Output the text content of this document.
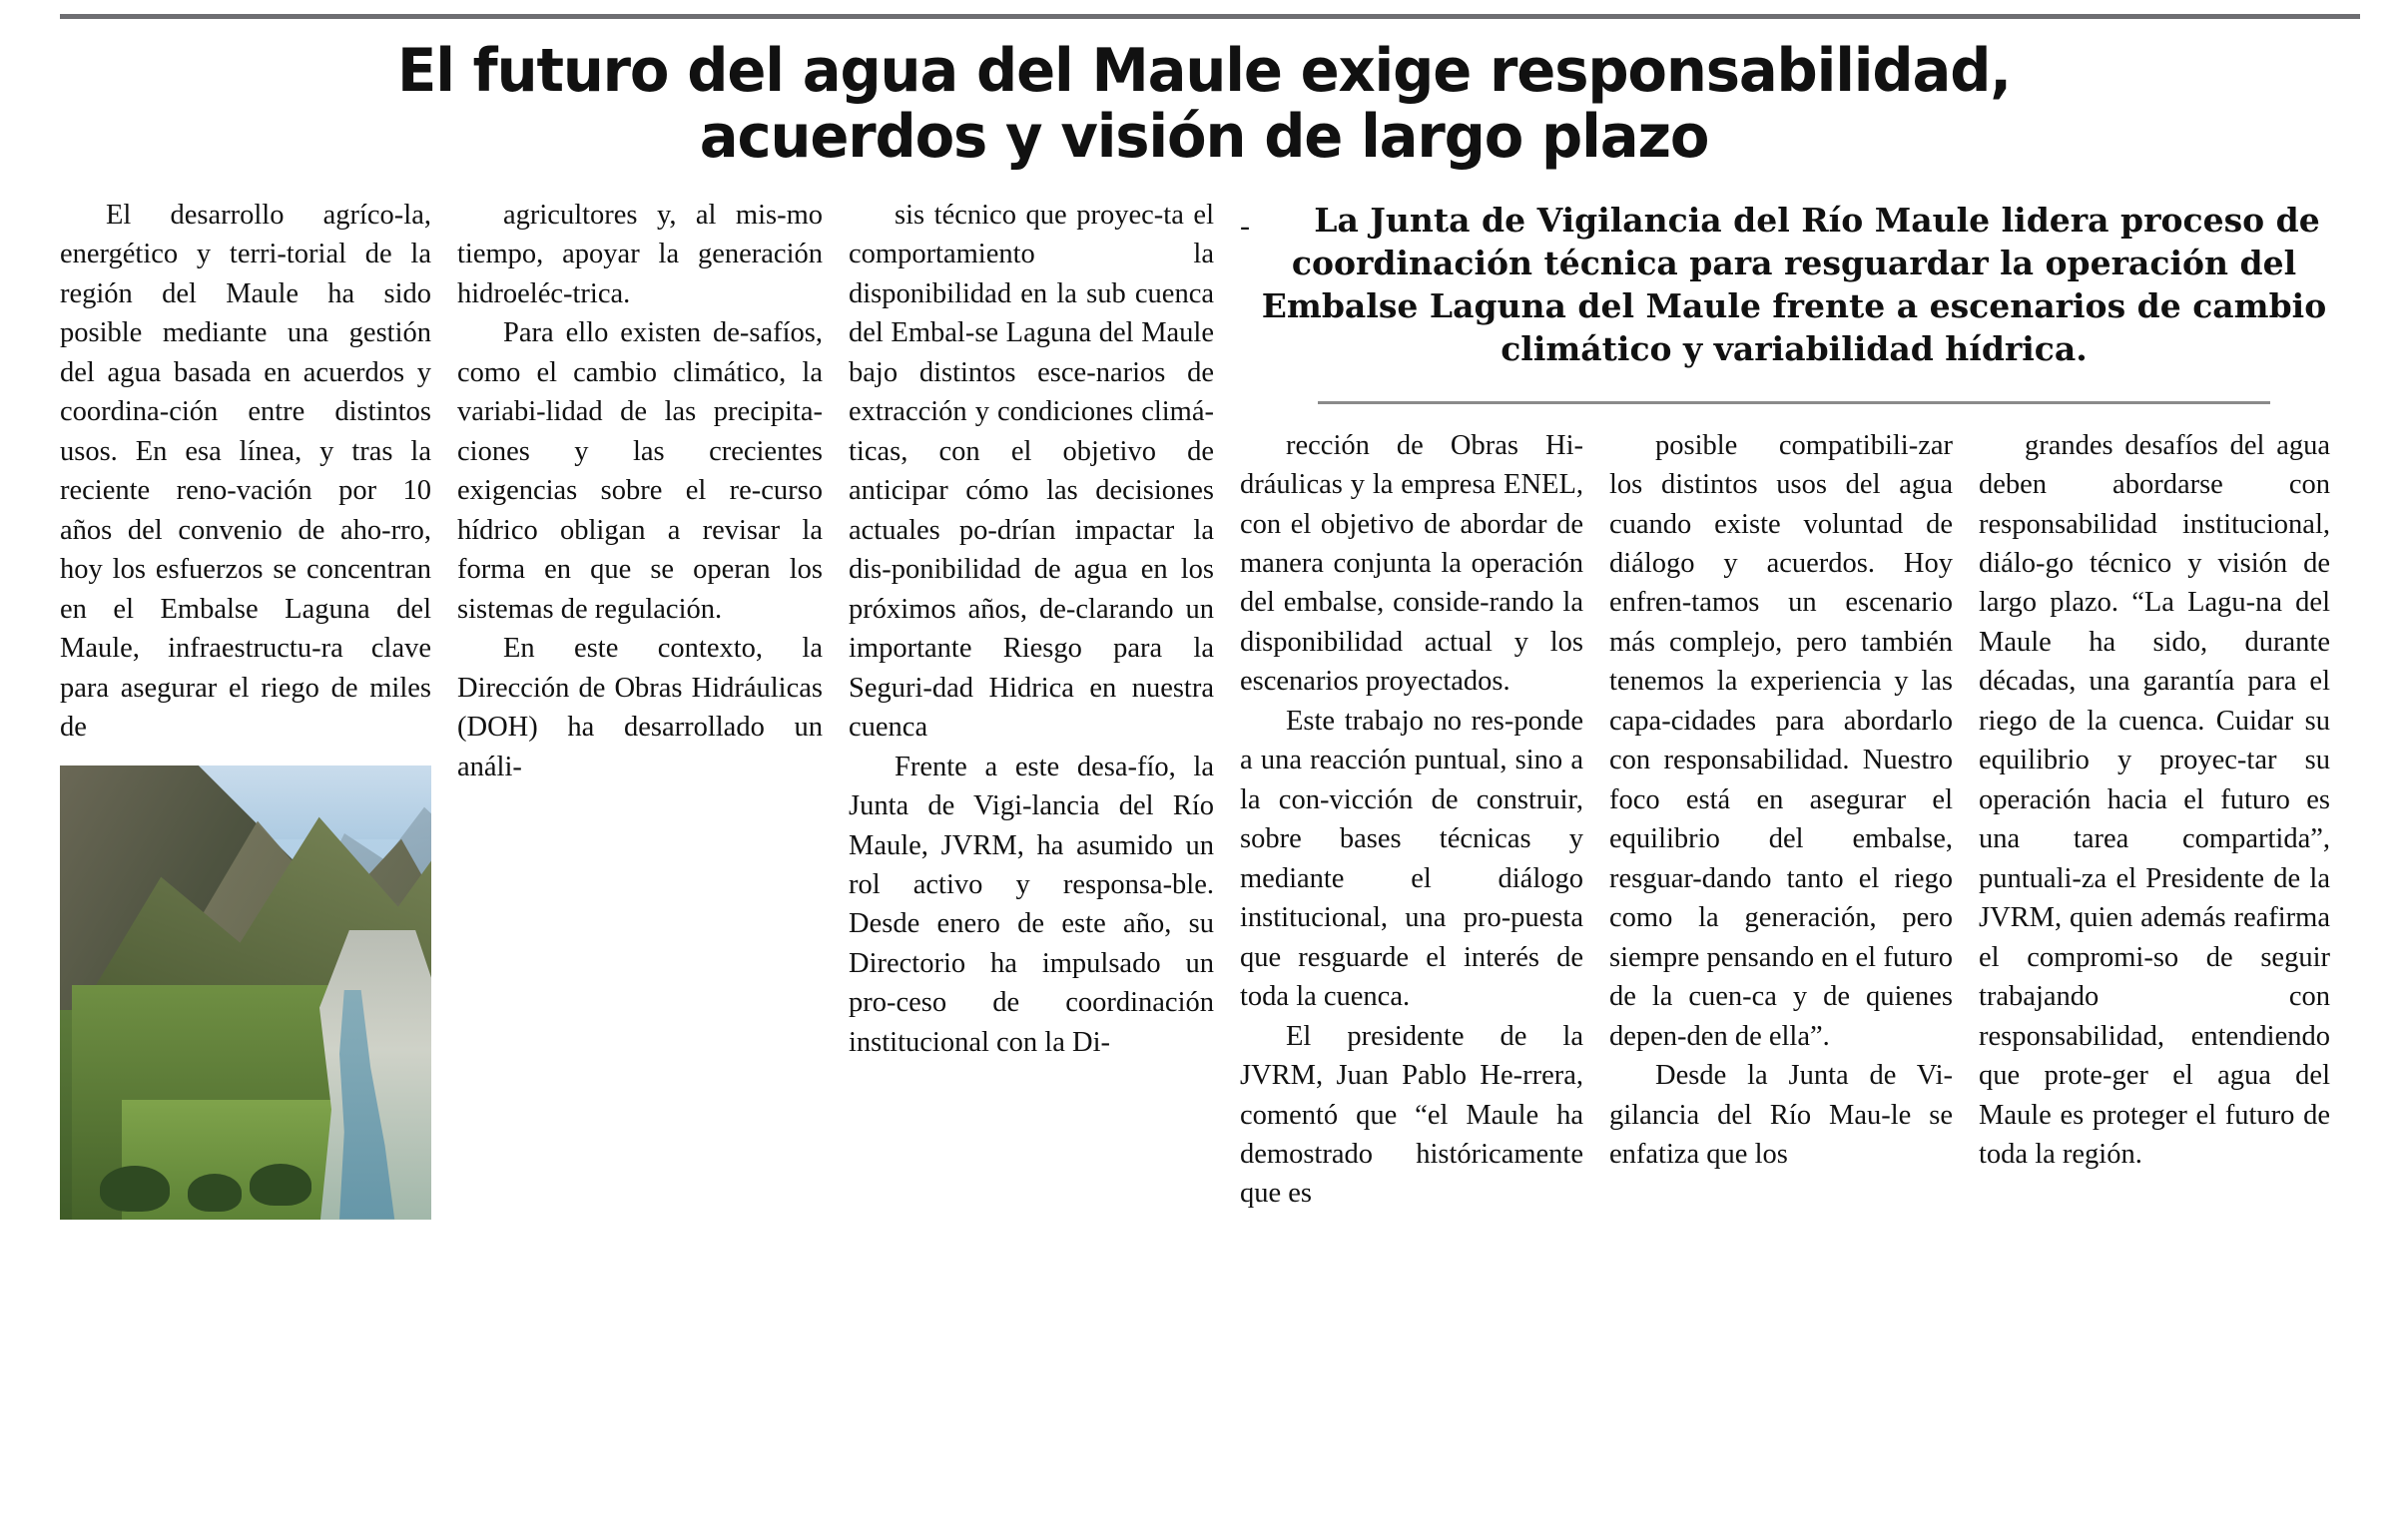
El futuro del agua del Maule exige responsabilidad,
acuerdos y visión de largo plazo

El desarrollo agríco-la, energético y terri-torial de la región del Maule ha sido posible mediante una gestión del agua basada en acuerdos y coordina-ción entre distintos usos. En esa línea, y tras la reciente reno-vación por 10 años del convenio de aho-rro, hoy los esfuerzos se concentran en el Embalse Laguna del Maule, infraestructu-ra clave para asegurar el riego de miles de

agricultores y, al mis-mo tiempo, apoyar la generación hidroeléc-trica.

Para ello existen de-safíos, como el cambio climático, la variabi-lidad de las precipita-ciones y las crecientes exigencias sobre el re-curso hídrico obligan a revisar la forma en que se operan los sistemas de regulación.

En este contexto, la Dirección de Obras Hidráulicas (DOH) ha desarrollado un análi-

sis técnico que proyec-ta el comportamiento la disponibilidad en la sub cuenca del Embal-se Laguna del Maule bajo distintos esce-narios de extracción y condiciones climá-ticas, con el objetivo de anticipar cómo las decisiones actuales po-drían impactar la dis-ponibilidad de agua en los próximos años, de-clarando un importante Riesgo para la Seguri-dad Hidrica en nuestra cuenca

Frente a este desa-fío, la Junta de Vigi-lancia del Río Maule, JVRM, ha asumido un rol activo y responsa-ble. Desde enero de este año, su Directorio ha impulsado un pro-ceso de coordinación institucional con la Di-

-	La Junta de Vigilancia del Río Maule lidera proceso de coordinación técnica para resguardar la operación del Embalse Laguna del Maule frente a escenarios de cambio climático y variabilidad hídrica.

rección de Obras Hi-dráulicas y la empresa ENEL, con el objetivo de abordar de manera conjunta la operación del embalse, conside-rando la disponibilidad actual y los escenarios proyectados.

Este trabajo no res-ponde a una reacción puntual, sino a la con-vicción de construir, sobre bases técnicas y mediante el diálogo institucional, una pro-puesta que resguarde el interés de toda la cuenca.

El presidente de la JVRM, Juan Pablo He-rrera, comentó que “el Maule ha demostrado históricamente que es

posible compatibili-zar los distintos usos del agua cuando existe voluntad de diálogo y acuerdos. Hoy enfren-tamos un escenario más complejo, pero también tenemos la experiencia y las capa-cidades para abordarlo con responsabilidad. Nuestro foco está en asegurar el equilibrio del embalse, resguar-dando tanto el riego como la generación, pero siempre pensando en el futuro de la cuen-ca y de quienes depen-den de ella”.

Desde la Junta de Vi-gilancia del Río Mau-le se enfatiza que los

grandes desafíos del agua deben abordarse con responsabilidad institucional, diálo-go técnico y visión de largo plazo. “La Lagu-na del Maule ha sido, durante décadas, una garantía para el riego de la cuenca. Cuidar su equilibrio y proyec-tar su operación hacia el futuro es una tarea compartida”, puntuali-za el Presidente de la JVRM, quien además reafirma el compromi-so de seguir trabajando con responsabilidad, entendiendo que prote-ger el agua del Maule es proteger el futuro de toda la región.
